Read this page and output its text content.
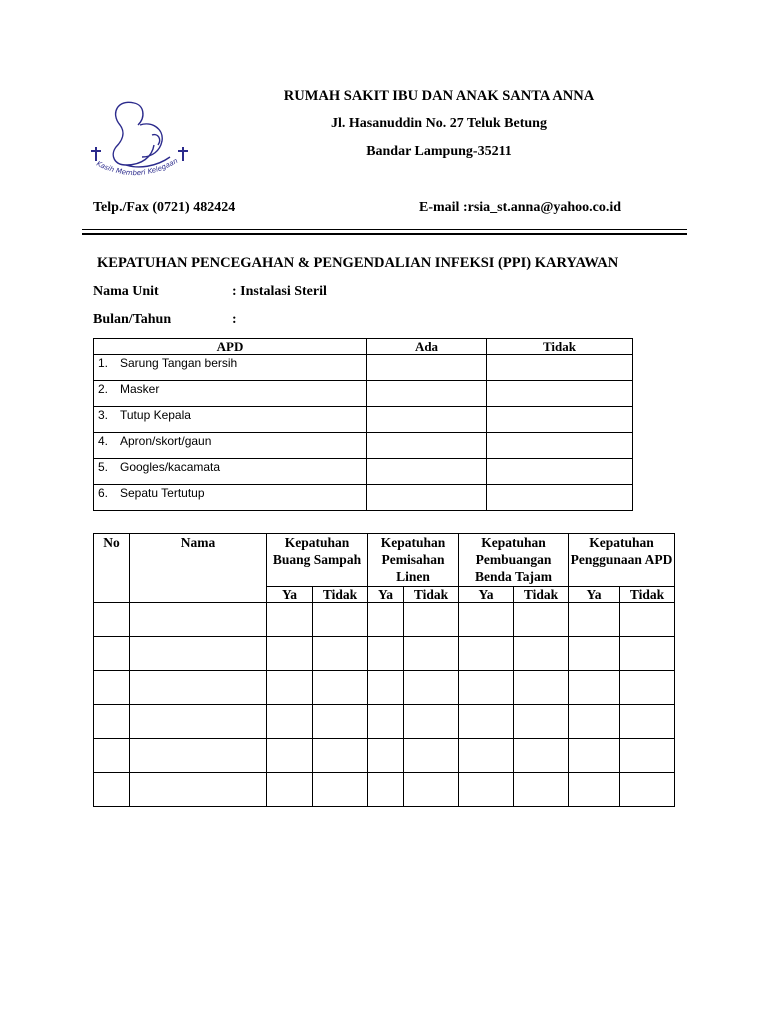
Kasih Memberi Kelegaan
RUMAH SAKIT IBU DAN ANAK SANTA ANNA
Jl. Hasanuddin No. 27 Teluk Betung
Bandar Lampung-35211
Telp./Fax (0721) 482424	E-mail :rsia_st.anna@yahoo.co.id
KEPATUHAN PENCEGAHAN & PENGENDALIAN INFEKSI (PPI) KARYAWAN
Nama Unit	: Instalasi Steril
Bulan/Tahun	:
APD	Ada	Tidak
1. Sarung Tangan bersih		
2. Masker		
3. Tutup Kepala		
4. Apron/skort/gaun		
5. Googles/kacamata		
6. Sepatu Tertutup		
No	Nama	Kepatuhan Buang Sampah		Kepatuhan Pemisahan Linen		Kepatuhan Pembuangan Benda Tajam		Kepatuhan Penggunaan APD	
		Ya	Tidak	Ya	Tidak	Ya	Tidak	Ya	Tidak
